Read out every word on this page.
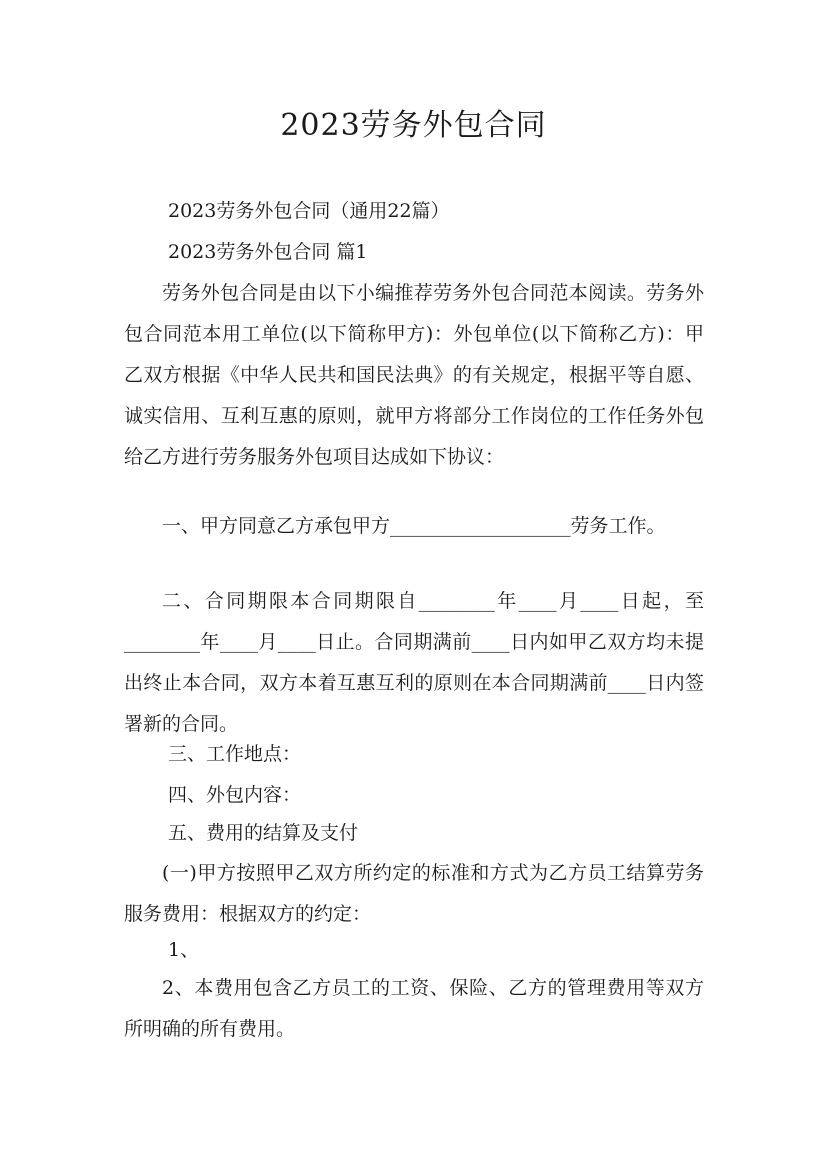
2023劳务外包合同

2023劳务外包合同（通用22篇）

2023劳务外包合同 篇1

劳务外包合同是由以下小编推荐劳务外包合同范本阅读。劳务外包合同范本用工单位(以下简称甲方)：外包单位(以下简称乙方)：甲乙双方根据《中华人民共和国民法典》的有关规定，根据平等自愿、诚实信用、互利互惠的原则，就甲方将部分工作岗位的工作任务外包给乙方进行劳务服务外包项目达成如下协议：

一、甲方同意乙方承包甲方___________________劳务工作。

二、合同期限本合同期限自________年____月____日起，至________年____月____日止。合同期满前____日内如甲乙双方均未提出终止本合同，双方本着互惠互利的原则在本合同期满前____日内签署新的合同。

三、工作地点：

四、外包内容：

五、费用的结算及支付

(一)甲方按照甲乙双方所约定的标准和方式为乙方员工结算劳务服务费用：根据双方的约定：

1、

2、本费用包含乙方员工的工资、保险、乙方的管理费用等双方所明确的所有费用。
